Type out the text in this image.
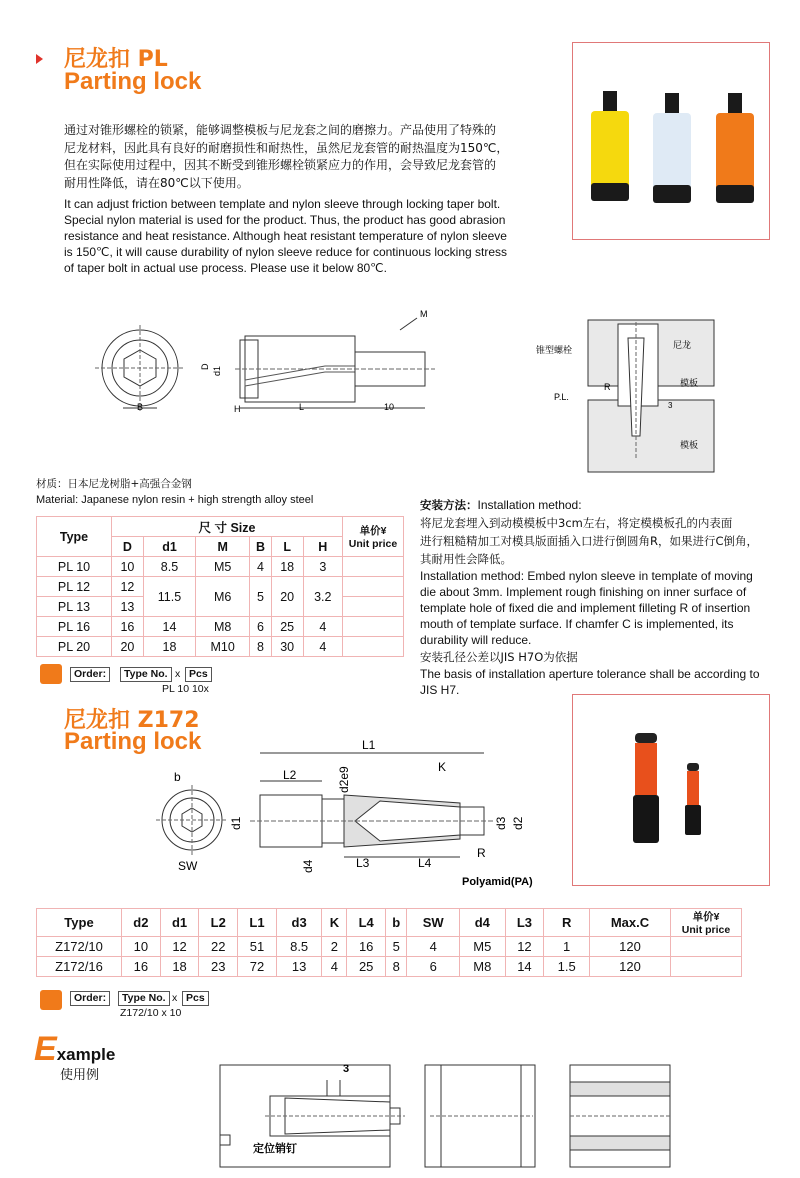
尼龙扣 PL
Parting lock
通过对锥形螺栓的锁紧，能够调整模板与尼龙套之间的磨擦力。产品使用了特殊的
尼龙材料，因此具有良好的耐磨损性和耐热性，虽然尼龙套管的耐热温度为150℃，
但在实际使用过程中，因其不断受到锥形螺栓锁紧应力的作用，会导致尼龙套管的
耐用性降低，请在80℃以下使用。
It can adjust friction between template and nylon sleeve through locking taper bolt.
Special nylon material is used for the product. Thus, the product has good abrasion
resistance and heat resistance. Although heat resistant temperature of nylon sleeve
is 150℃, it will cause durability of nylon sleeve reduce for continuous locking stress
of taper bolt in actual use process. Please use it below 80℃.
B
M
D d1
H	L	10
锥型螺栓	尼龙
R
P.L.
模板
模板
3
材质：日本尼龙树脂+高强合金钢
Material: Japanese nylon resin + high strength alloy steel
Type	尺 寸 Size						单价¥
Unit price

	D	d1	M	B	L	H	
PL 10	10	8.5	M5	4	18	3	
PL 12	12	11.5	M6	5	20	3.2	
PL 13	13						
PL 16	16	14	M8	6	25	4	
PL 20	20	18	M10	8	30	4	
Order:	Type No. x Pcs
PL 10 10x
安装方法：Installation method:
将尼龙套埋入到动模模板中3cm左右，将定模模板孔的内表面
进行粗糙精加工对模具版面插入口进行倒圆角R，如果进行C倒角，
其耐用性会降低。
Installation method: Embed nylon sleeve in template of moving
die about 3mm. Implement rough finishing on inner surface of
template hole of fixed die and implement filleting R of insertion
mouth of template surface. If chamfer C is implemented, its
durability will reduce.
安装孔径公差以JIS H7O为依据
The basis of installation aperture tolerance shall be according to
JIS H7.
尼龙扣 Z172
Parting lock
b
SW
L1
L2
K
d2e9
d1	d3 d2
d4	L3	L4
R
Polyamid(PA)
Type	d2	d1	L2	L1	d3	K	L4	b	SW	d4	L3	R	Max.C	单价¥
Unit price

Z172/10	10	12	22	51	8.5	2	16	5	4	M5	12	1	120	
Z172/16	16	18	23	72	13	4	25	8	6	M8	14	1.5	120	
Order:	Type No. x Pcs
Z172/10 x 10
Example
使用例	3
定位销钉
